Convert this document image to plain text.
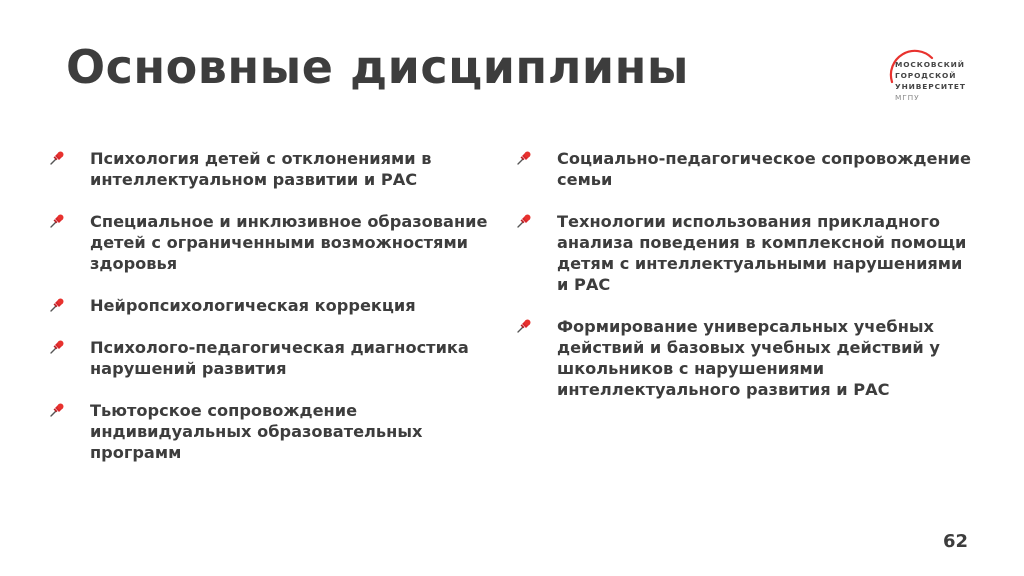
Основные дисциплины	МОСКОВСКИЙ
ГОРОДСКОЙ
УНИВЕРСИТЕТ
МГПУ
Психология детей с отклонениями в интеллектуальном развитии и РАС
Специальное и инклюзивное образование детей с ограниченными возможностями здоровья
Нейропсихологическая коррекция
Психолого-педагогическая диагностика нарушений развития
Тьюторское сопровождение индивидуальных образовательных программ
Социально-педагогическое сопровождение семьи
Технологии использования прикладного анализа поведения в комплексной помощи детям с интеллектуальными нарушениями и РАС
Формирование универсальных учебных действий и базовых учебных действий у школьников с нарушениями интеллектуального развития и РАС
62
